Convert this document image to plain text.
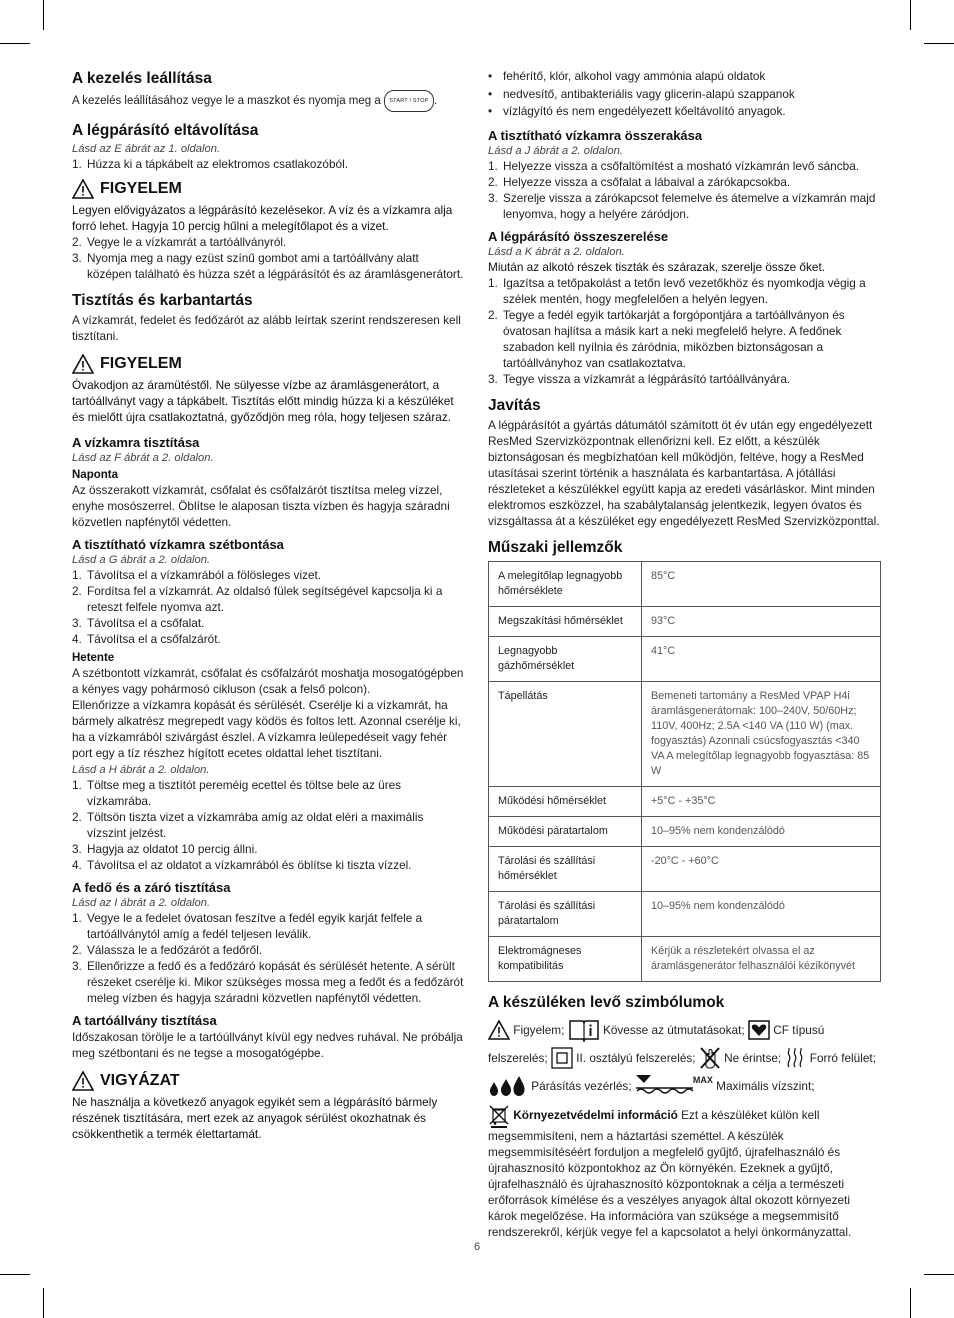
A kezelés leállítása

A kezelés leállításához vegye le a maszkot és nyomja meg a START / STOP .

A légpárásító eltávolítása
Lásd az E ábrát az 1. oldalon.
1. Húzza ki a tápkábelt az elektromos csatlakozóból.
FIGYELEM

Legyen elővigyázatos a légpárásító kezelésekor. A víz és a vízkamra alja forró lehet. Hagyja 10 percig hűlni a melegítőlapot és a vizet.

2. Vegye le a vízkamrát a tartóállványról.
3. Nyomja meg a nagy ezüst színű gombot ami a tartóállvány alatt középen található és húzza szét a légpárásítót és az áramlásgenerátort.
Tisztítás és karbantartás

A vízkamrát, fedelet és fedőzárót az alább leírtak szerint rendszeresen kell tisztítani.

FIGYELEM

Óvakodjon az áramütéstől. Ne sülyesse vízbe az áramlásgenerátort, a tartóállványt vagy a tápkábelt. Tisztítás előtt mindig húzza ki a készüléket és mielőtt újra csatlakoztatná, győződjön meg róla, hogy teljesen száraz.

A vízkamra tisztítása
Lásd az F ábrát a 2. oldalon.
Naponta

Az összerakott vízkamrát, csőfalat és csőfalzárót tisztítsa meleg vízzel, enyhe mosószerrel. Öblítse le alaposan tiszta vízben és hagyja száradni közvetlen napfénytől védetten.

A tisztítható vízkamra szétbontása
Lásd a G ábrát a 2. oldalon.
1. Távolítsa el a vízkamrából a fölösleges vizet.
2. Fordítsa fel a vízkamrát. Az oldalsó fülek segítségével kapcsolja ki a reteszt felfele nyomva azt.
3. Távolítsa el a csőfalat.
4. Távolítsa el a csőfalzárót.
Hetente

A szétbontott vízkamrát, csőfalat és csőfalzárót moshatja mosogatógépben a kényes vagy pohármosó cikluson (csak a felső polcon).

Ellenőrizze a vízkamra kopását és sérülését. Cserélje ki a vízkamrát, ha bármely alkatrész megrepedt vagy ködös és foltos lett. Azonnal cserélje ki, ha a vízkamrából szivárgást észlel. A vízkamra leülepedéseit vagy fehér port egy a tíz részhez hígított ecetes oldattal lehet tisztítani.

Lásd a H ábrát a 2. oldalon.
1. Töltse meg a tisztítót pereméig ecettel és töltse bele az üres vízkamrába.
2. Töltsön tiszta vizet a vízkamrába amíg az oldat eléri a maximális vízszint jelzést.
3. Hagyja az oldatot 10 percig állni.
4. Távolítsa el az oldatot a vízkamrából és öblítse ki tiszta vízzel.
A fedő és a záró tisztítása
Lásd az I ábrát a 2. oldalon.
1. Vegye le a fedelet óvatosan feszítve a fedél egyik karját felfele a tartóállványtól amíg a fedél teljesen leválik.
2. Válassza le a fedőzárót a fedőről.
3. Ellenőrizze a fedő és a fedőzáró kopását és sérülését hetente. A sérült részeket cserélje ki. Mikor szükséges mossa meg a fedőt és a fedőzárót meleg vízben és hagyja száradni közvetlen napfénytől védetten.
A tartóállvány tisztítása

Időszakosan törölje le a tartóúllványt kívül egy nedves ruhával. Ne próbálja meg szétbontani és ne tegse a mosogatógépbe.

VIGYÁZAT

Ne használja a következő anyagok egyikét sem a légpárásító bármely részének tisztítására, mert ezek az anyagok sérülést okozhatnak és csökkenthetik a termék élettartamát.

• fehérítő, klór, alkohol vagy ammónia alapú oldatok
• nedvesítő, antibakteriális vagy glicerin-alapú szappanok
• vízlágyító és nem engedélyezett kőeltávolító anyagok.
A tisztítható vízkamra összerakása
Lásd a J ábrát a 2. oldalon.
1. Helyezze vissza a csőfaltömítést a mosható vízkamrán levő sáncba.
2. Helyezze vissza a csőfalat a lábaival a zárókapcsokba.
3. Szerelje vissza a zárókapcsot felemelve és átemelve a vízkamrán majd lenyomva, hogy a helyére záródjon.
A légpárásító összeszerelése
Lásd a K ábrát a 2. oldalon.

Miután az alkotó részek tiszták és szárazak, szerelje össze őket.

1. Igazítsa a tetőpakolást a tetőn levő vezetőkhöz és nyomkodja végig a szélek mentén, hogy megfelelően a helyén legyen.
2. Tegye a fedél egyik tartókarját a forgópontjára a tartóállványon és óvatosan hajlítsa a másik kart a neki megfelelő helyre. A fedőnek szabadon kell nyílnia és záródnia, miközben biztonságosan a tartóállványhoz van csatlakoztatva.
3. Tegye vissza a vízkamrát a légpárásító tartóállványára.
Javítás

A légpárásítót a gyártás dátumától számított öt év után egy engedélyezett ResMed Szervizközpontnak ellenőrizni kell. Ez előtt, a készülék biztonságosan és megbízhatóan kell működjön, feltéve, hogy a ResMed utasításai szerint történik a használata és karbantartása. A jótállási részleteket a készülékkel együtt kapja az eredeti vásárláskor. Mint minden elektromos eszközzel, ha szabálytalanság jelentkezik, legyen óvatos és vizsgáltassa át a készüléket egy engedélyezett ResMed Szervizközponttal.

Műszaki jellemzők
A melegítőlap legnagyobb hőmérséklete	85°C
Megszakítási hőmérséklet	93°C
Legnagyobb gázhőmérséklet	41°C
Tápellátás	Bemeneti tartomány a ResMed VPAP H4i áramlásgenerátornak: 100–240V, 50/60Hz; 110V, 400Hz; 2.5A <140 VA (110 W) (max. fogyasztás) Azonnali csúcsfogyasztás <340 VA A melegítőlap legnagyobb fogyasztása: 85 W
Működési hőmérséklet	+5°C - +35°C
Működési páratartalom	10–95% nem kondenzálódó
Tárolási és szállítási hőmérséklet	-20°C - +60°C
Tárolási és szállítási páratartalom	10–95% nem kondenzálódó
Elektromágneses kompatibilitás	Kérjük a részletekért olvassa el az áramlásgenerátor felhasználói kézikönyvét
A készüléken levő szimbólumok
Figyelem;	Kövesse az útmutatásokat; CF típusú
felszerelés; II. osztályú felszerelés; Ne érintse; Forró felület;
Párásítás vezérlés;	$^{MAX}$ Maximális vízszint;

Környezetvédelmi információ Ezt a készüléket külön kell megsemmisíteni, nem a háztartási szeméttel. A készülék megsemmisítéséért forduljon a megfelelő gyűjtő, újrafelhasználó és újrahasznosító központokhoz az Ön környékén. Ezeknek a gyűjtő, újrafelhasználó és újrahasznosító központoknak a célja a természeti erőforrások kímélése és a veszélyes anyagok által okozott környezeti károk megelőzése. Ha információra van szüksége a megsemmisítő rendszerekről, kérjük vegye fel a kapcsolatot a helyi önkormányzattal.

6
